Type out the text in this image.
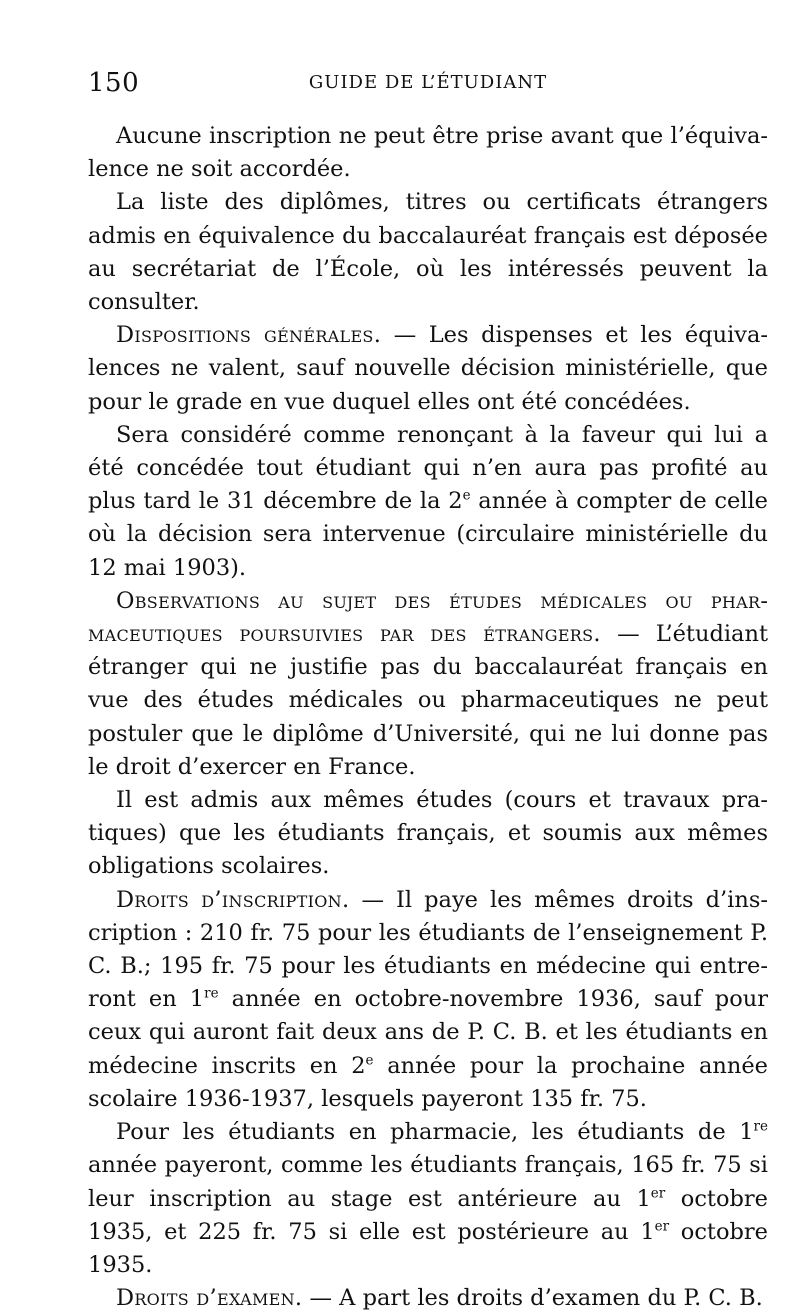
150	GUIDE DE L’ÉTUDIANT

Aucune inscription ne peut être prise avant que l’équivalence ne soit accordée.

La liste des diplômes, titres ou certificats étrangers admis en équivalence du baccalauréat français est déposée au secrétariat de l’École, où les intéressés peuvent la consulter.

Dispositions générales. — Les dispenses et les équivalences ne valent, sauf nouvelle décision ministérielle, que pour le grade en vue duquel elles ont été concédées.

Sera considéré comme renonçant à la faveur qui lui a été concédée tout étudiant qui n’en aura pas profité au plus tard le 31 décembre de la 2e année à compter de celle où la décision sera intervenue (circulaire ministérielle du 12 mai 1903).

Observations au sujet des études médicales ou pharmaceutiques poursuivies par des étrangers. — L’étudiant étranger qui ne justifie pas du baccalauréat français en vue des études médicales ou pharmaceutiques ne peut postuler que le diplôme d’Université, qui ne lui donne pas le droit d’exercer en France.

Il est admis aux mêmes études (cours et travaux pratiques) que les étudiants français, et soumis aux mêmes obligations scolaires.

Droits d’inscription. — Il paye les mêmes droits d’inscription : 210 fr. 75 pour les étudiants de l’enseignement P. C. B.; 195 fr. 75 pour les étudiants en médecine qui entreront en 1re année en octobre-novembre 1936, sauf pour ceux qui auront fait deux ans de P. C. B. et les étudiants en médecine inscrits en 2e année pour la prochaine année scolaire 1936-1937, lesquels payeront 135 fr. 75.

Pour les étudiants en pharmacie, les étudiants de 1re année payeront, comme les étudiants français, 165 fr. 75 si leur inscription au stage est antérieure au 1er octobre 1935, et 225 fr. 75 si elle est postérieure au 1er octobre 1935.

Droits d’examen. — A part les droits d’examen du P. C. B.
